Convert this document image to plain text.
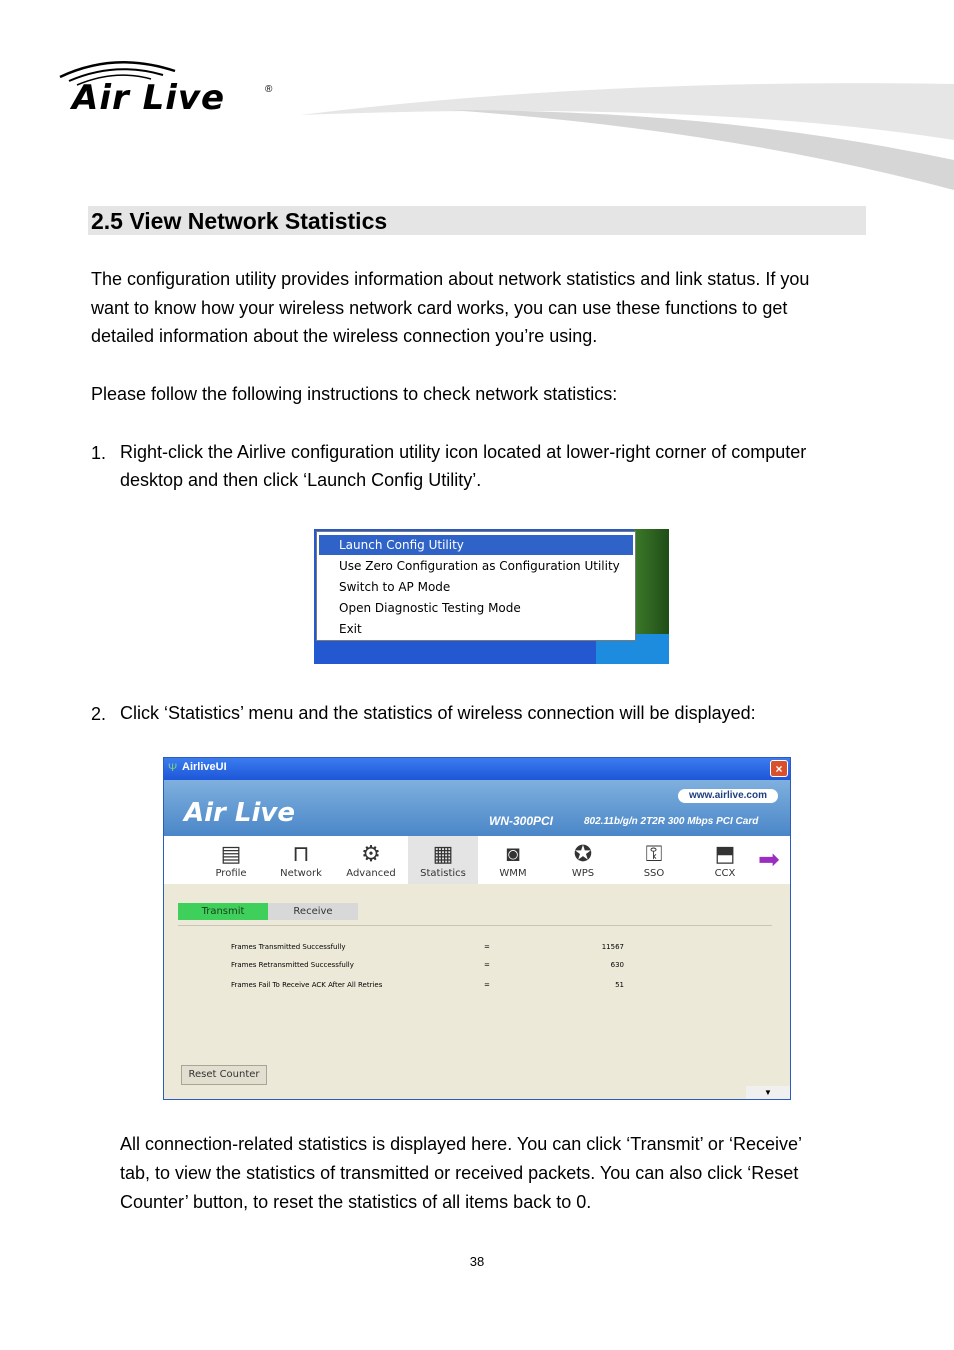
Air Live	®
2.5 View Network Statistics
The configuration utility provides information about network statistics and link status. If you
want to know how your wireless network card works, you can use these functions to get
detailed information about the wireless connection you’re using.
Please follow the following instructions to check network statistics:
1. Right-click the Airlive configuration utility icon located at lower-right corner of computer
desktop and then click ‘Launch Config Utility’.
Launch Config Utility
Use Zero Configuration as Configuration Utility
Switch to AP Mode
Open Diagnostic Testing Mode
Exit
2. Click ‘Statistics’ menu and the statistics of wireless connection will be displayed:
Ψ AirliveUI	×
Air Live
www.airlive.com
WN-300PCI	802.11b/g/n 2T2R 300 Mbps PCI Card
▤
Profile
⊓
Network
⚙
Advanced
▦
Statistics
◙
WMM
✪
WPS
⚿
SSO
⬒
CCX ➡
Transmit	Receive
Frames Transmitted Successfully	=	11567
Frames Retransmitted Successfully	=	630
Frames Fail To Receive ACK After All Retries	=	51
Reset Counter
▼
All connection-related statistics is displayed here. You can click ‘Transmit’ or ‘Receive’
tab, to view the statistics of transmitted or received packets. You can also click ‘Reset
Counter’ button, to reset the statistics of all items back to 0.
38
